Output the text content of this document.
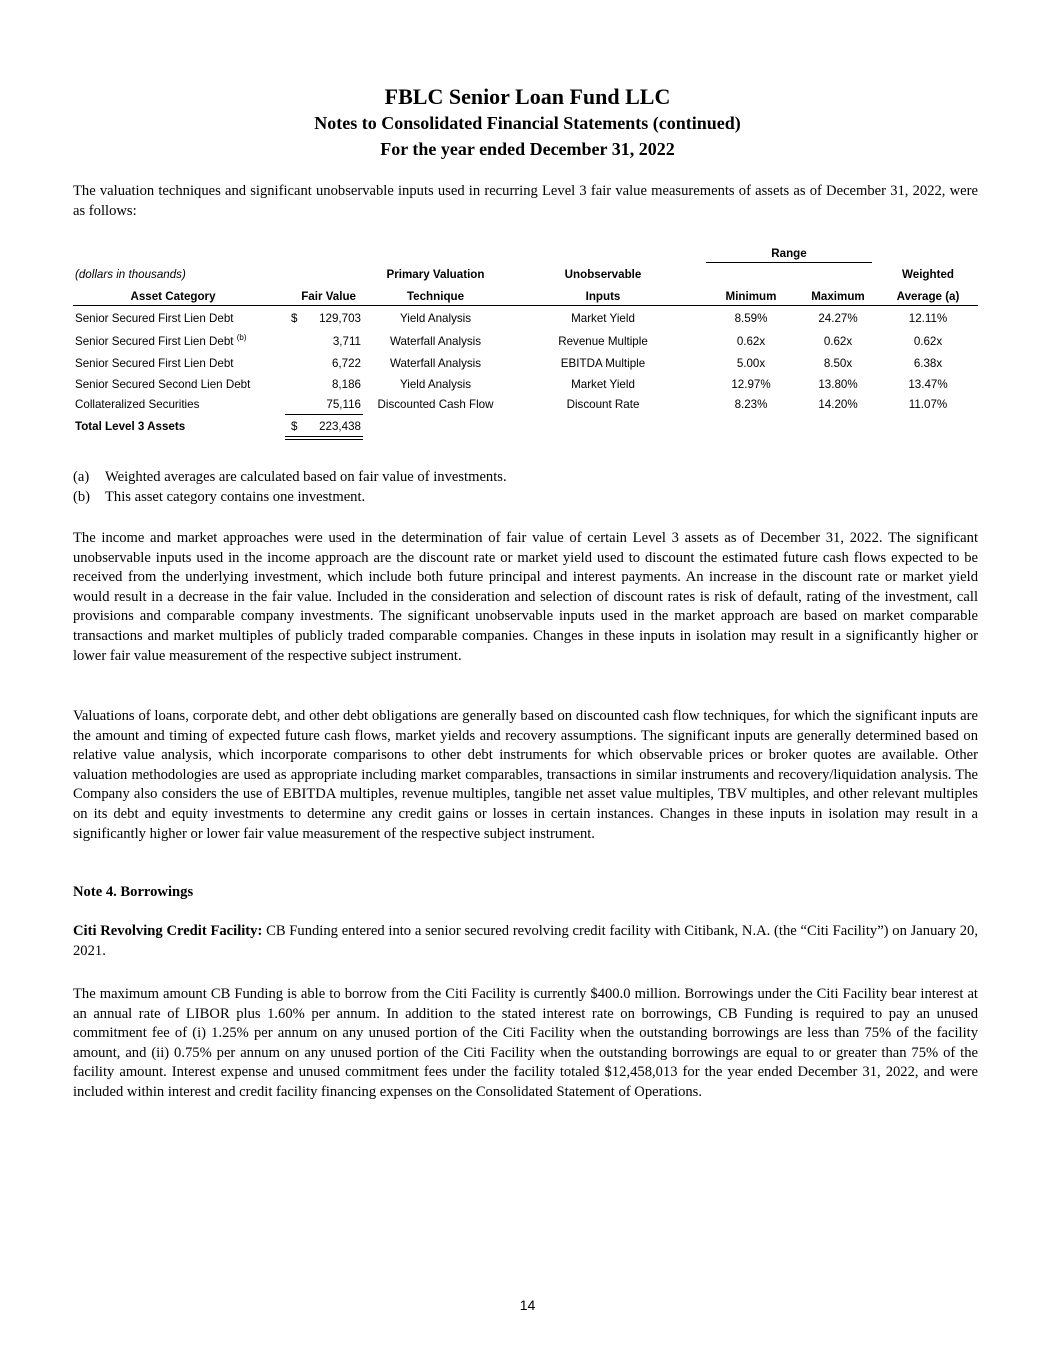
FBLC Senior Loan Fund LLC
Notes to Consolidated Financial Statements (continued)
For the year ended December 31, 2022

The valuation techniques and significant unobservable inputs used in recurring Level 3 fair value measurements of assets as of December 31, 2022, were as follows:

Range
(dollars in thousands)	Primary Valuation	Unobservable	Weighted
Asset Category	Fair Value	Technique	Inputs	Minimum	Maximum	Average (a)
Senior Secured First Lien Debt	$	129,703	Yield Analysis	Market Yield	8.59%	24.27%	12.11%
Senior Secured First Lien Debt $^{(b)}$	3,711	Waterfall Analysis	Revenue Multiple	0.62x	0.62x	0.62x
Senior Secured First Lien Debt	6,722	Waterfall Analysis	EBITDA Multiple	5.00x	8.50x	6.38x
Senior Secured Second Lien Debt	8,186	Yield Analysis	Market Yield	12.97%	13.80%	13.47%
Collateralized Securities	75,116	Discounted Cash Flow	Discount Rate	8.23%	14.20%	11.07%
Total Level 3 Assets	$	223,438

(a) Weighted averages are calculated based on fair value of investments.

(b) This asset category contains one investment.

The income and market approaches were used in the determination of fair value of certain Level 3 assets as of December 31, 2022. The significant unobservable inputs used in the income approach are the discount rate or market yield used to discount the estimated future cash flows expected to be received from the underlying investment, which include both future principal and interest payments. An increase in the discount rate or market yield would result in a decrease in the fair value. Included in the consideration and selection of discount rates is risk of default, rating of the investment, call provisions and comparable company investments. The significant unobservable inputs used in the market approach are based on market comparable transactions and market multiples of publicly traded comparable companies. Changes in these inputs in isolation may result in a significantly higher or lower fair value measurement of the respective subject instrument.

Valuations of loans, corporate debt, and other debt obligations are generally based on discounted cash flow techniques, for which the significant inputs are the amount and timing of expected future cash flows, market yields and recovery assumptions. The significant inputs are generally determined based on relative value analysis, which incorporate comparisons to other debt instruments for which observable prices or broker quotes are available. Other valuation methodologies are used as appropriate including market comparables, transactions in similar instruments and recovery/liquidation analysis. The Company also considers the use of EBITDA multiples, revenue multiples, tangible net asset value multiples, TBV multiples, and other relevant multiples on its debt and equity investments to determine any credit gains or losses in certain instances. Changes in these inputs in isolation may result in a significantly higher or lower fair value measurement of the respective subject instrument.

Note 4. Borrowings

Citi Revolving Credit Facility: CB Funding entered into a senior secured revolving credit facility with Citibank, N.A. (the “Citi Facility”) on January 20, 2021.

The maximum amount CB Funding is able to borrow from the Citi Facility is currently $400.0 million. Borrowings under the Citi Facility bear interest at an annual rate of LIBOR plus 1.60% per annum. In addition to the stated interest rate on borrowings, CB Funding is required to pay an unused commitment fee of (i) 1.25% per annum on any unused portion of the Citi Facility when the outstanding borrowings are less than 75% of the facility amount, and (ii) 0.75% per annum on any unused portion of the Citi Facility when the outstanding borrowings are equal to or greater than 75% of the facility amount. Interest expense and unused commitment fees under the facility totaled $12,458,013 for the year ended December 31, 2022, and were included within interest and credit facility financing expenses on the Consolidated Statement of Operations.

14
